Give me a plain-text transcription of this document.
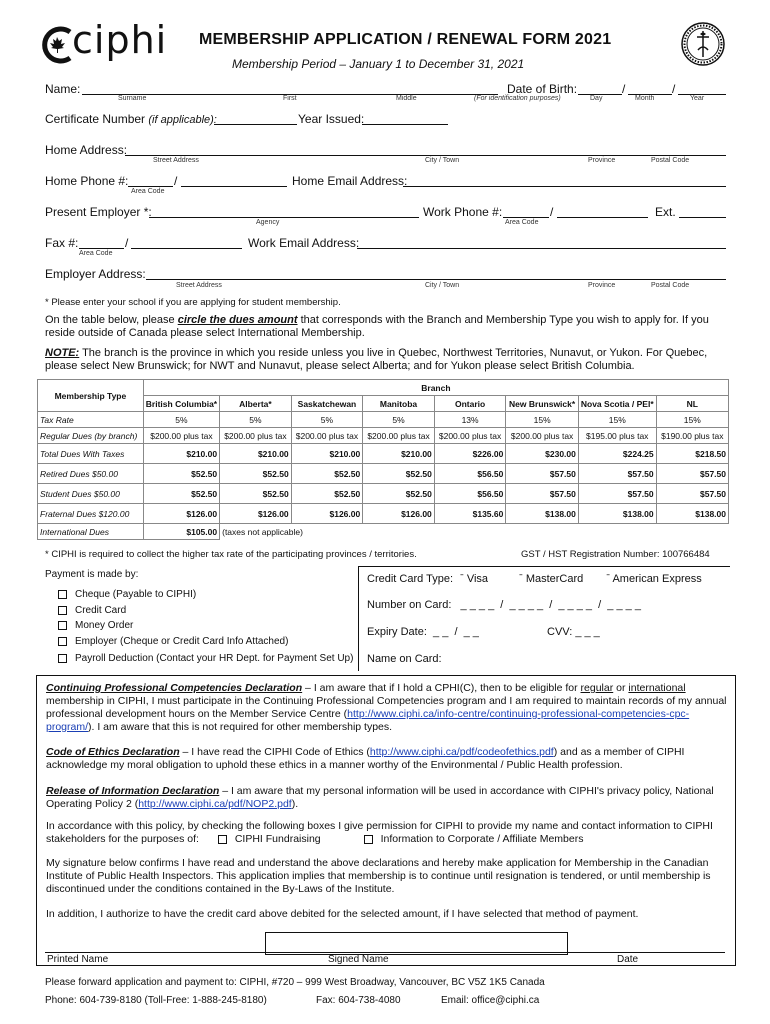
ciphi MEMBERSHIP APPLICATION / RENEWAL FORM 2021
Membership Period – January 1 to December 31, 2021
Name:	Date of Birth:	/	/
Surname	First	Middle	(For identification purposes)	Day	Month	Year
Certificate Number (if applicable):	Year Issued:
Home Address:
Street Address	City / Town	Province	Postal Code
Home Phone #:	/
Area Code
Home Email Address:
Present Employer *:
Agency
Work Phone #:	/
Area Code
Ext.
Fax #:	/
Area Code
Work Email Address:
Employer Address:
Street Address	City / Town	Province	Postal Code
* Please enter your school if you are applying for student membership.
On the table below, please circle the dues amount that corresponds with the Branch and Membership Type you wish to apply for. If you reside outside of Canada please select International Membership.
NOTE: The branch is the province in which you reside unless you live in Quebec, Northwest Territories, Nunavut, or Yukon. For Quebec, please select New Brunswick; for NWT and Nunavut, please select Alberta; and for Yukon please select British Columbia.
Membership Type	Branch							
	British Columbia*	Alberta*	Saskatchewan	Manitoba	Ontario	New Brunswick*	Nova Scotia / PEI*	NL
Tax Rate	5%	5%	5%	5%	13%	15%	15%	15%
Regular Dues (by branch)	$200.00 plus tax	$200.00 plus tax	$200.00 plus tax	$200.00 plus tax	$200.00 plus tax	$200.00 plus tax	$195.00 plus tax	$190.00 plus tax
Total Dues With Taxes	$210.00	$210.00	$210.00	$210.00	$226.00	$230.00	$224.25	$218.50
Retired Dues $50.00	$52.50	$52.50	$52.50	$52.50	$56.50	$57.50	$57.50	$57.50
Student Dues $50.00	$52.50	$52.50	$52.50	$52.50	$56.50	$57.50	$57.50	$57.50
Fraternal Dues $120.00	$126.00	$126.00	$126.00	$126.00	$135.60	$138.00	$138.00	$138.00
International Dues	$105.00	(taxes not applicable)						
* CIPHI is required to collect the higher tax rate of the participating provinces / territories.	GST / HST Registration Number: 100766484
Payment is made by:
Cheque (Payable to CIPHI)
Credit Card
Money Order
Employer (Cheque or Credit Card Info Attached)
Payroll Deduction (Contact your HR Dept. for Payment Set Up)
Credit Card Type: ˉ Visa	ˉ MasterCard ˉ American Express
Number on Card: _ _ _ _  /  _ _ _ _  /  _ _ _ _  /  _ _ _ _
Expiry Date: _ _  /  _ _	CVV: _ _ _
Name on Card:
Continuing Professional Competencies Declaration – I am aware that if I hold a CPHI(C), then to be eligible for regular or international membership in CIPHI, I must participate in the Continuing Professional Competencies program and I am required to maintain records of my annual professional development hours on the Member Service Centre (http://www.ciphi.ca/info-centre/continuing-professional-competencies-cpc-program/). I am aware that this is not required for other membership types.
Code of Ethics Declaration – I have read the CIPHI Code of Ethics (http://www.ciphi.ca/pdf/codeofethics.pdf) and as a member of CIPHI acknowledge my moral obligation to uphold these ethics in a manner worthy of the Environmental / Public Health profession.
Release of Information Declaration – I am aware that my personal information will be used in accordance with CIPHI's privacy policy, National Operating Policy 2 (http://www.ciphi.ca/pdf/NOP2.pdf).
In accordance with this policy, by checking the following boxes I give permission for CIPHI to provide my name and contact information to CIPHI stakeholders for the purposes of:	CIPHI Fundraising	Information to Corporate / Affiliate Members
My signature below confirms I have read and understand the above declarations and hereby make application for Membership in the Canadian Institute of Public Health Inspectors. This application implies that membership is to continue until resignation is tendered, or until membership is discontinued under the conditions contained in the By-Laws of the Institute.
In addition, I authorize to have the credit card above debited for the selected amount, if I have selected that method of payment.
Printed Name	Signed Name	Date
Please forward application and payment to: CIPHI, #720 – 999 West Broadway, Vancouver, BC V5Z 1K5 Canada
Phone: 604-739-8180 (Toll-Free: 1-888-245-8180)	Fax: 604-738-4080	Email: office@ciphi.ca
